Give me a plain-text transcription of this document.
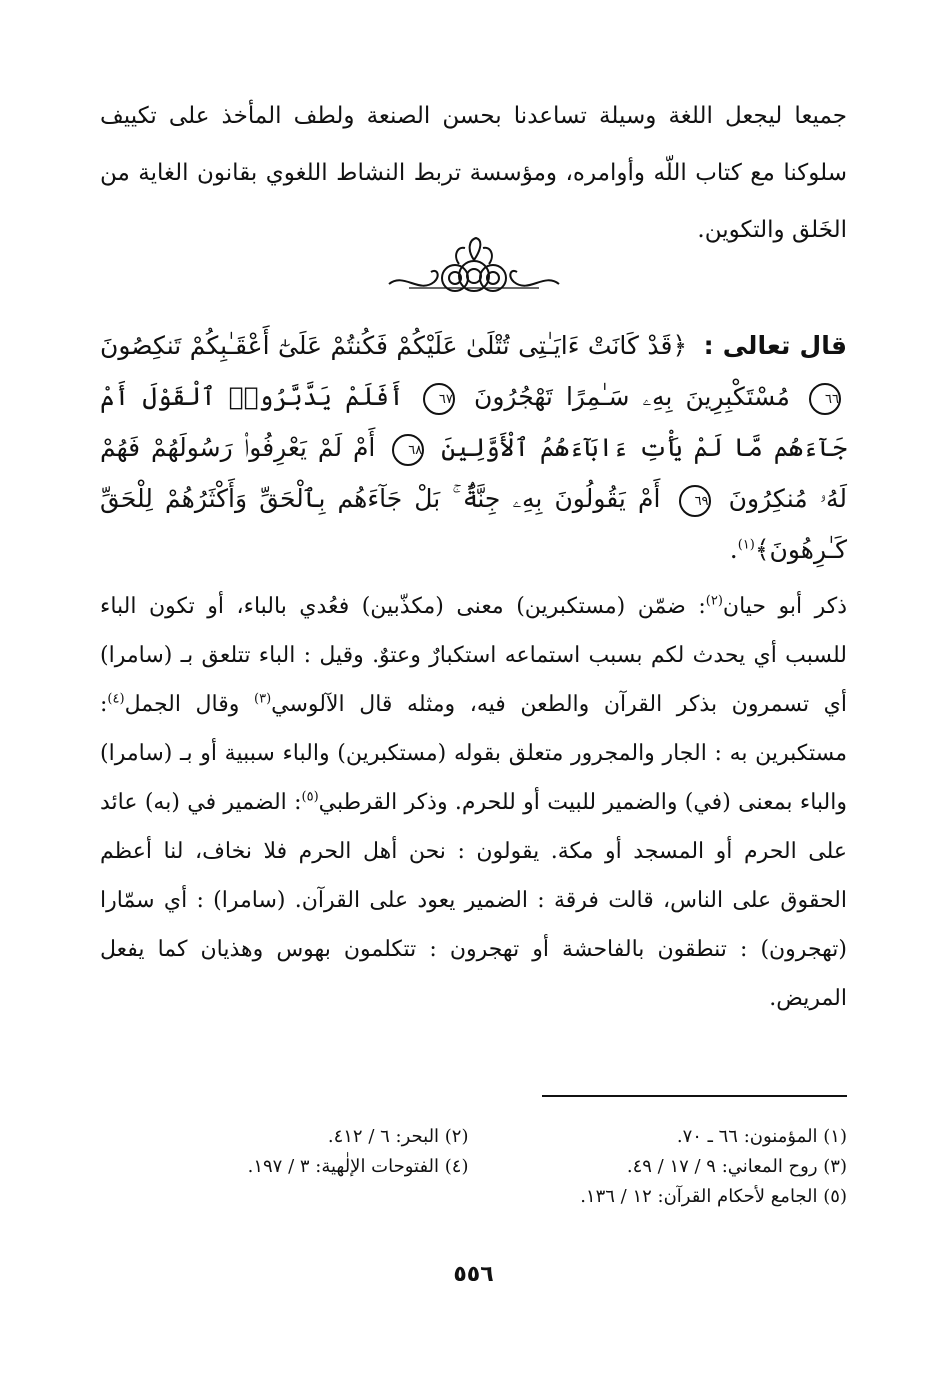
جميعا ليجعل اللغة وسيلة تساعدنا بحسن الصنعة ولطف المأخذ على تكييف سلوكنا مع كتاب اللّه وأوامره، ومؤسسة تربط النشاط اللغوي بقانون الغاية من الخَلق والتكوين.

قال تعالى : ﴿قَدْ كَانَتْ ءَايَـٰتِى تُتْلَىٰ عَلَيْكُمْ فَكُنتُمْ عَلَىٰٓ أَعْقَـٰبِكُمْ تَنكِصُونَ ٦٦ مُسْتَكْبِرِينَ بِهِۦ سَـٰمِرًا تَهْجُرُونَ ٦٧ أَفَلَمْ يَدَّبَّرُوا۟ ٱلْقَوْلَ أَمْ جَآءَهُم مَّا لَمْ يَأْتِ ءَابَآءَهُمُ ٱلْأَوَّلِينَ ٦٨ أَمْ لَمْ يَعْرِفُوا۟ رَسُولَهُمْ فَهُمْ لَهُۥ مُنكِرُونَ ٦٩ أَمْ يَقُولُونَ بِهِۦ جِنَّةٌۢ ۚ بَلْ جَآءَهُم بِٱلْحَقِّ وَأَكْثَرُهُمْ لِلْحَقِّ كَـٰرِهُونَ﴾$^{(١)}$.

ذكر أبو حيان$^{(٢)}$: ضمّن (مستكبرين) معنى (مكذّبين) فعُدي بالباء، أو تكون الباء للسبب أي يحدث لكم بسبب استماعه استكبارٌ وعتوٌ. وقيل : الباء تتلعق بـ (سامرا) أي تسمرون بذكر القرآن والطعن فيه، ومثله قال الآلوسي$^{(٣)}$ وقال الجمل$^{(٤)}$: مستكبرين به : الجار والمجرور متعلق بقوله (مستكبرين) والباء سببية أو بـ (سامرا) والباء بمعنى (في) والضمير للبيت أو للحرم. وذكر القرطبي$^{(٥)}$: الضمير في (به) عائد على الحرم أو المسجد أو مكة. يقولون : نحن أهل الحرم فلا نخاف، لنا أعظم الحقوق على الناس، قالت فرقة : الضمير يعود على القرآن. (سامرا) : أي سمّارا (تهجرون) : تنطقون بالفاحشة أو تهجرون : تتكلمون بهوس وهذيان كما يفعل المريض.

(١) المؤمنون: ٦٦ ـ ٧٠.
(٢) البحر: ٦ / ٤١٢.
(٣) روح المعاني: ٩ / ١٧ / ٤٩.
(٤) الفتوحات الإلٰهية: ٣ / ١٩٧.
(٥) الجامع لأحكام القرآن: ١٢ / ١٣٦.
٥٥٦
